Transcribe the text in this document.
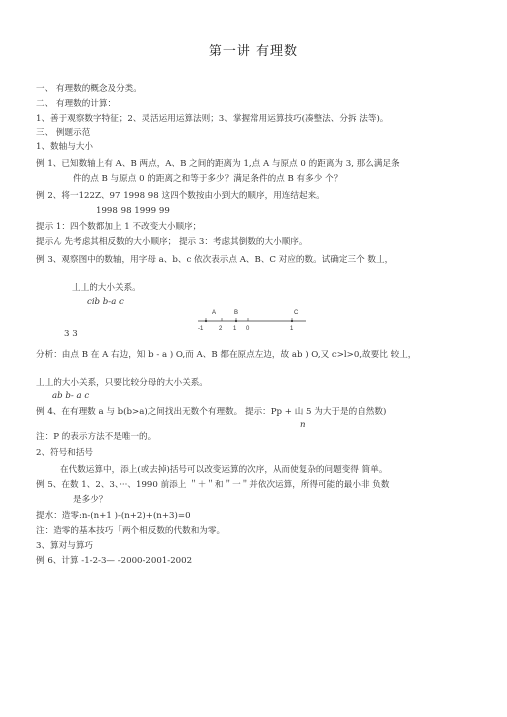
第一讲 有理数
一、 有理数的概念及分类。
二、 有理数的计算：
1、善于观察数字特征；2、灵活运用运算法则；3、掌握常用运算技巧(凑整法、分拆 法等)。
三、 例题示范
1、数轴与大小
例 1、已知数轴上有 A、B 两点，A、B 之间的距离为 1,点 A 与原点 0 的距离为 3, 那么满足条
件的点 B 与原点 0 的距离之和等于多少？满足条件的点 B 有多少 个？
例 2、将一122Z、97 1998 98 这四个数按由小到大的顺序，用连结起来。
1998 98 1999 99
提示 1：四个数都加上 1 不改变大小顺序；
提示ん 先考虑其相反数的大小顺序； 提示 3：考虑其倒数的大小顺序。
例 3、观察图中的数轴，用字母 a、b、c 依次表示点 A、B、C 对应的数。试确定三个 数丄，
丄丄的大小关系。
cib b-a c
3 3
A	B	C
-1	2 1 0	1
分析：由点 B 在 A 右边，知 b - a ) O,而 A、B 都在原点左边，故 ab ) O,又 c>l>0,故要比 较丄，
丄丄的大小关系，只要比较分母的大小关系。
ab b- a c
例 4、在有理数 a 与 b(b>a)之间找出无数个有理数。 提示：Pp + 山 5 为大于是的自然数)
n
注：P 的表示方法不是唯一的。
2、符号和括号
在代数运算中，添上(或去掉)括号可以改变运算的次序，从而使复杂的问题变得 简单。
例 5、在数 1、2、3、···、1990 前添上 ＂＋＂和＂一＂并依次运算，所得可能的最小非 负数
是多少？
提水：造零:n-(n+1 )-(n+2)+(n+3)=0
注：造零的基本技巧「两个相反数的代数和为零。
3、算对与算巧
例 6、计算 -1-2-3— -2000-2001-2002
